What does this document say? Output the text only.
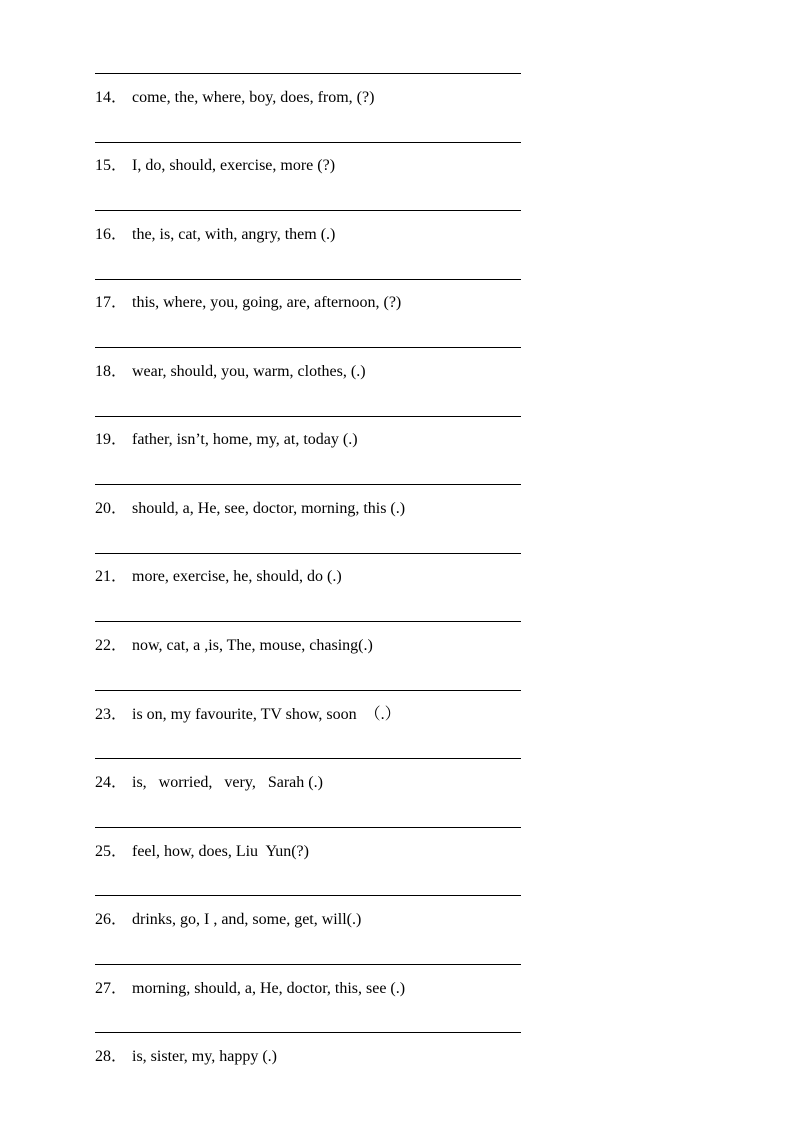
14． come, the, where, boy, does, from, (?)
15． I, do, should, exercise, more (?)
16． the, is, cat, with, angry, them (.)
17． this, where, you, going, are, afternoon, (?)
18． wear, should, you, warm, clothes, (.)
19． father, isn’t, home, my, at, today (.)
20． should, a, He, see, doctor, morning, this (.)
21． more, exercise, he, should, do (.)
22． now, cat, a ,is, The, mouse, chasing(.)
23． is on, my favourite, TV show, soon  （.）
24． is,   worried,   very,   Sarah (.)
25． feel, how, does, Liu  Yun(?)
26． drinks, go, I , and, some, get, will(.)
27． morning, should, a, He, doctor, this, see (.)
28． is, sister, my, happy (.)
